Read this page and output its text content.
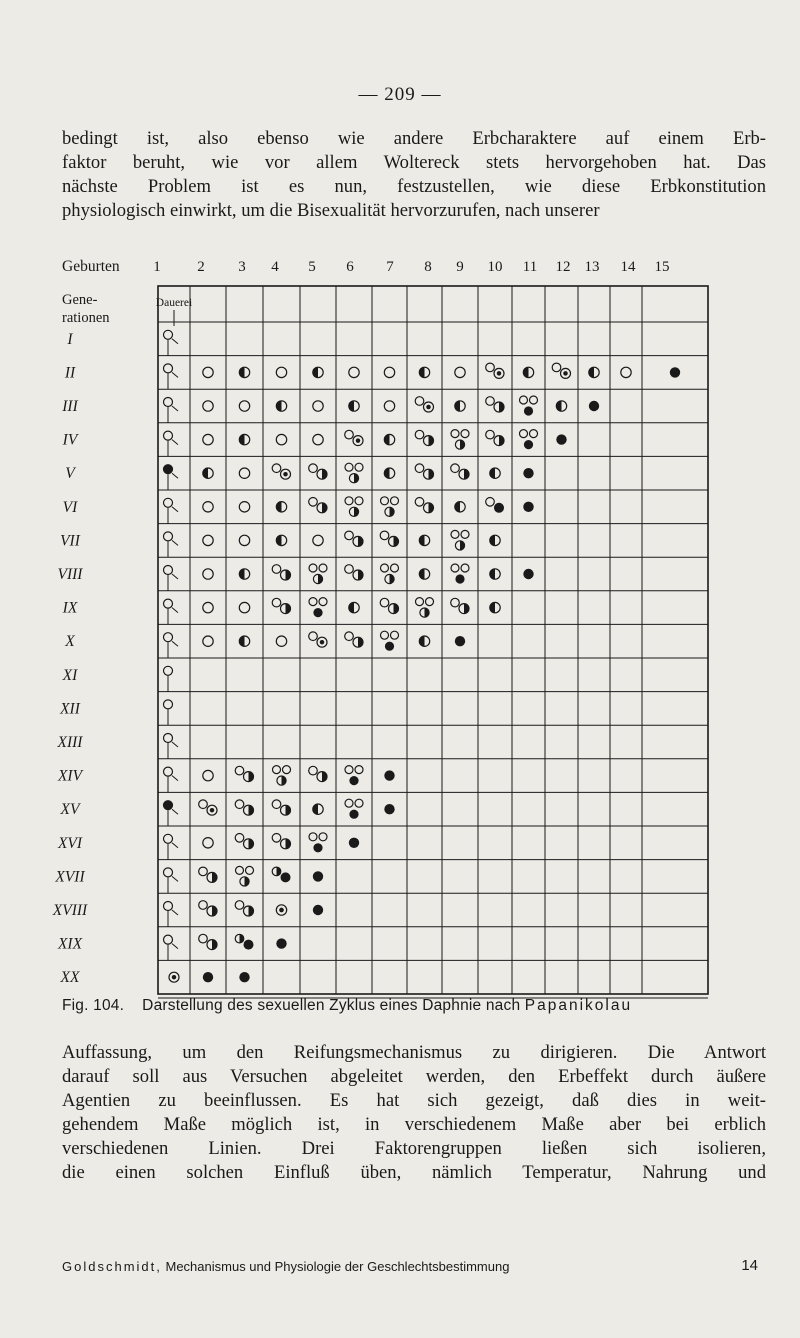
— 209 —
bedingt ist, also ebenso wie andere Erbcharaktere auf einem Erb-
faktor beruht, wie vor allem Woltereck stets hervorgehoben hat. Das
nächste Problem ist es nun, festzustellen, wie diese Erbkonstitution
physiologisch einwirkt, um die Bisexualität hervorzurufen, nach unserer
Geburten 1 2 3 4 5 6 7 8 9 10 11 12 13 14 15
Gene-
rationen
Dauerei
I
II
III
IV
V
VI
VII
VIII
IX
X
XI
XII
XIII
XIV
XV
XVI
XVII
XVIII
XIX
XX
Fig. 104. Darstellung des sexuellen Zyklus eines Daphnie nach Papanikolau
Auffassung, um den Reifungsmechanismus zu dirigieren. Die Antwort
darauf soll aus Versuchen abgeleitet werden, den Erbeffekt durch äußere
Agentien zu beeinflussen. Es hat sich gezeigt, daß dies in weit-
gehendem Maße möglich ist, in verschiedenem Maße aber bei erblich
verschiedenen Linien. Drei Faktorengruppen ließen sich isolieren,
die einen solchen Einfluß üben, nämlich Temperatur, Nahrung und
Goldschmidt, Mechanismus und Physiologie der Geschlechtsbestimmung	14
